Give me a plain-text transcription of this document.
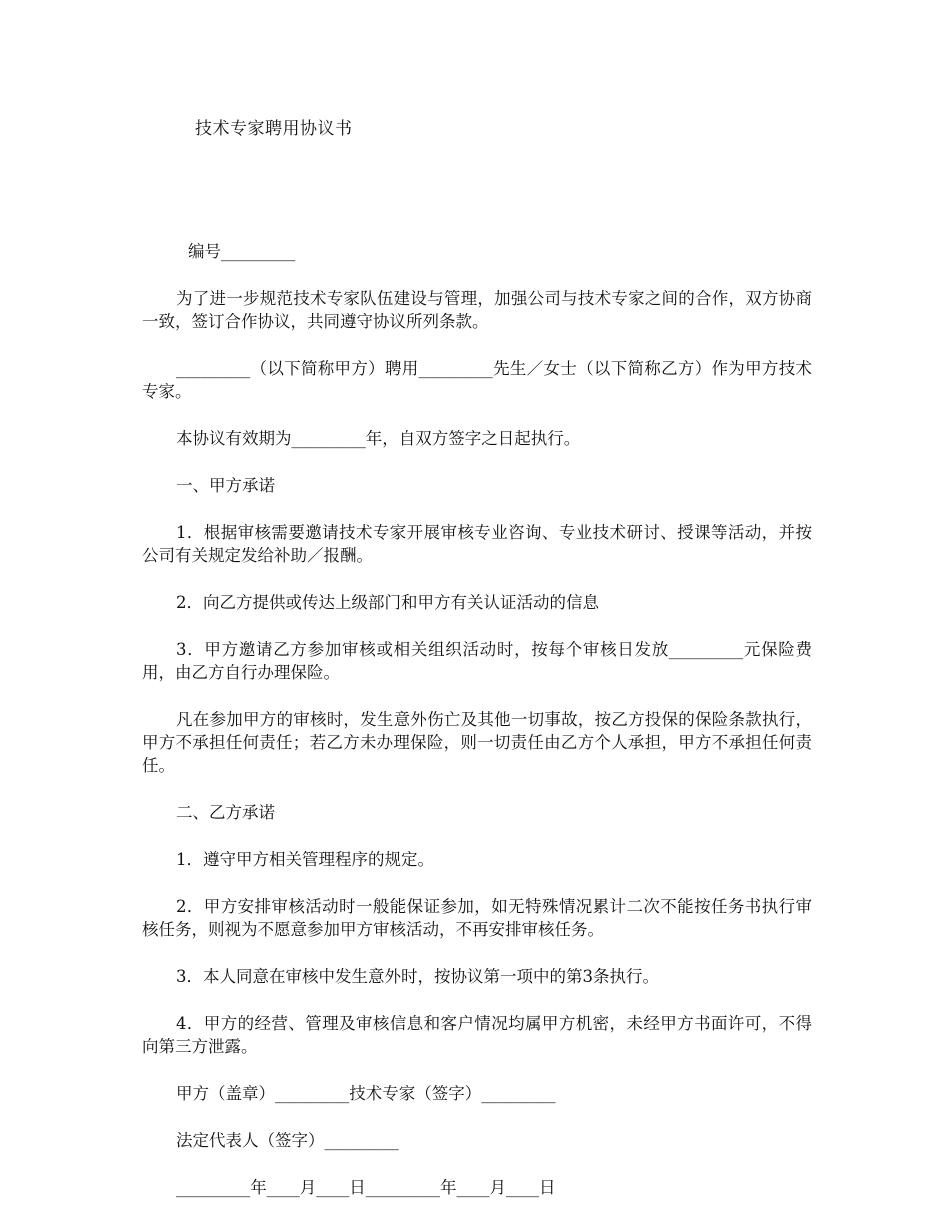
技术专家聘用协议书

编号_________

为了进一步规范技术专家队伍建设与管理，加强公司与技术专家之间的合作，双方协商一致，签订合作协议，共同遵守协议所列条款。

_________（以下简称甲方）聘用_________先生／女士（以下简称乙方）作为甲方技术专家。

本协议有效期为_________年，自双方签字之日起执行。

一、甲方承诺

1．根据审核需要邀请技术专家开展审核专业咨询、专业技术研讨、授课等活动，并按公司有关规定发给补助／报酬。

2．向乙方提供或传达上级部门和甲方有关认证活动的信息

3．甲方邀请乙方参加审核或相关组织活动时，按每个审核日发放_________元保险费用，由乙方自行办理保险。

凡在参加甲方的审核时，发生意外伤亡及其他一切事故，按乙方投保的保险条款执行，甲方不承担任何责任；若乙方未办理保险，则一切责任由乙方个人承担，甲方不承担任何责任。

二、乙方承诺

1．遵守甲方相关管理程序的规定。

2．甲方安排审核活动时一般能保证参加，如无特殊情况累计二次不能按任务书执行审核任务，则视为不愿意参加甲方审核活动，不再安排审核任务。

3．本人同意在审核中发生意外时，按协议第一项中的第3条执行。

4．甲方的经营、管理及审核信息和客户情况均属甲方机密，未经甲方书面许可，不得向第三方泄露。

甲方（盖章）_________技术专家（签字）_________

法定代表人（签字）_________

_________年____月____日_________年____月____日
